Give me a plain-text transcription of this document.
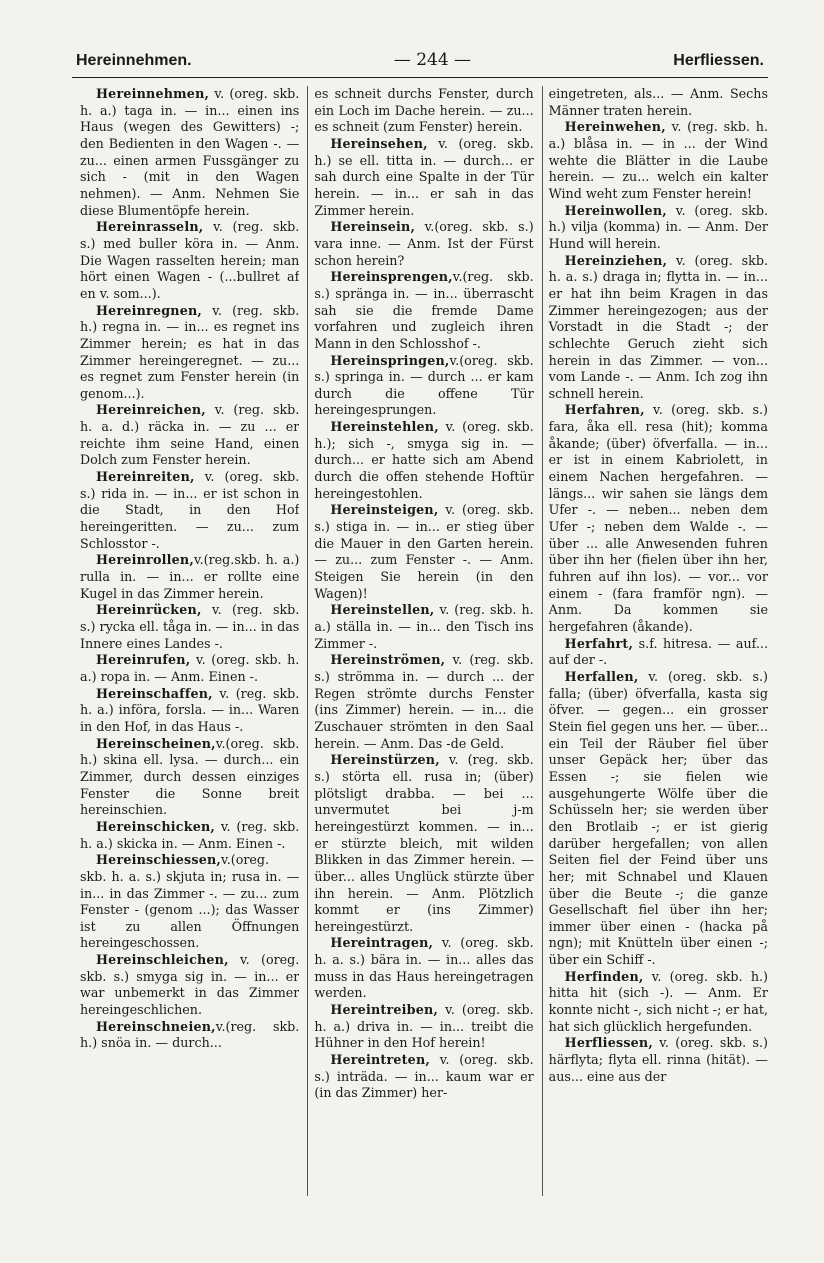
Hereinnehmen.	— 244 —	Herfliessen.

Hereinnehmen, v. (oreg. skb. h. a.) taga in. — in... einen ins Haus (wegen des Gewitters) -; den Bedienten in den Wagen -. — zu... einen armen Fussgänger zu sich - (mit in den Wagen nehmen). — Anm. Nehmen Sie diese Blumentöpfe herein.

Hereinrasseln, v. (reg. skb. s.) med buller köra in. — Anm. Die Wagen rasselten herein; man hört einen Wagen - (...bullret af en v. som...).

Hereinregnen, v. (reg. skb. h.) regna in. — in... es regnet ins Zimmer herein; es hat in das Zimmer hereingeregnet. — zu... es regnet zum Fenster herein (in genom...).

Hereinreichen, v. (reg. skb. h. a. d.) räcka in. — zu ... er reichte ihm seine Hand, einen Dolch zum Fenster herein.

Hereinreiten, v. (oreg. skb. s.) rida in. — in... er ist schon in die Stadt, in den Hof hereingeritten. — zu... zum Schlosstor -.

Hereinrollen,v.(reg.skb. h. a.) rulla in. — in... er rollte eine Kugel in das Zimmer herein.

Hereinrücken, v. (reg. skb. s.) rycka ell. tåga in. — in... in das Innere eines Landes -.

Hereinrufen, v. (oreg. skb. h. a.) ropa in. — Anm. Einen -.

Hereinschaffen, v. (reg. skb. h. a.) införa, forsla. — in... Waren in den Hof, in das Haus -.

Hereinscheinen,v.(oreg. skb. h.) skina ell. lysa. — durch... ein Zimmer, durch dessen einziges Fenster die Sonne breit hereinschien.

Hereinschicken, v. (reg. skb. h. a.) skicka in. — Anm. Einen -.

Hereinschiessen,v.(oreg. skb. h. a. s.) skjuta in; rusa in. — in... in das Zimmer -. — zu... zum Fenster - (genom ...); das Wasser ist zu allen Öffnungen hereingeschossen.

Hereinschleichen, v. (oreg. skb. s.) smyga sig in. — in... er war unbemerkt in das Zimmer hereingeschlichen.

Hereinschneien,v.(reg. skb. h.) snöa in. — durch...

es schneit durchs Fenster, durch ein Loch im Dache herein. — zu... es schneit (zum Fenster) herein.

Hereinsehen, v. (oreg. skb. h.) se ell. titta in. — durch... er sah durch eine Spalte in der Tür herein. — in... er sah in das Zimmer herein.

Hereinsein, v.(oreg. skb. s.) vara inne. — Anm. Ist der Fürst schon herein?

Hereinsprengen,v.(reg. skb. s.) spränga in. — in... überrascht sah sie die fremde Dame vorfahren und zugleich ihren Mann in den Schlosshof -.

Hereinspringen,v.(oreg. skb. s.) springa in. — durch ... er kam durch die offene Tür hereingesprungen.

Hereinstehlen, v. (oreg. skb. h.); sich -, smyga sig in. — durch... er hatte sich am Abend durch die offen stehende Hoftür hereingestohlen.

Hereinsteigen, v. (oreg. skb. s.) stiga in. — in... er stieg über die Mauer in den Garten herein. — zu... zum Fenster -. — Anm. Steigen Sie herein (in den Wagen)!

Hereinstellen, v. (reg. skb. h. a.) ställa in. — in... den Tisch ins Zimmer -.

Hereinströmen, v. (reg. skb. s.) strömma in. — durch ... der Regen strömte durchs Fenster (ins Zimmer) herein. — in... die Zuschauer strömten in den Saal herein. — Anm. Das -de Geld.

Hereinstürzen, v. (reg. skb. s.) störta ell. rusa in; (über) plötsligt drabba. — bei ... unvermutet bei j-m hereingestürzt kommen. — in... er stürzte bleich, mit wilden Blikken in das Zimmer herein. — über... alles Unglück stürzte über ihn herein. — Anm. Plötzlich kommt er (ins Zimmer) hereingestürzt.

Hereintragen, v. (oreg. skb. h. a. s.) bära in. — in... alles das muss in das Haus hereingetragen werden.

Hereintreiben, v. (oreg. skb. h. a.) driva in. — in... treibt die Hühner in den Hof herein!

Hereintreten, v. (oreg. skb. s.) inträda. — in... kaum war er (in das Zimmer) her-

eingetreten, als... — Anm. Sechs Männer traten herein.

Hereinwehen, v. (reg. skb. h. a.) blåsa in. — in ... der Wind wehte die Blätter in die Laube herein. — zu... welch ein kalter Wind weht zum Fenster herein!

Hereinwollen, v. (oreg. skb. h.) vilja (komma) in. — Anm. Der Hund will herein.

Hereinziehen, v. (oreg. skb. h. a. s.) draga in; flytta in. — in... er hat ihn beim Kragen in das Zimmer hereingezogen; aus der Vorstadt in die Stadt -; der schlechte Geruch zieht sich herein in das Zimmer. — von... vom Lande -. — Anm. Ich zog ihn schnell herein.

Herfahren, v. (oreg. skb. s.) fara, åka ell. resa (hit); komma åkande; (über) öfverfalla. — in... er ist in einem Kabriolett, in einem Nachen hergefahren. — längs... wir sahen sie längs dem Ufer -. — neben... neben dem Ufer -; neben dem Walde -. — über ... alle Anwesenden fuhren über ihn her (fielen über ihn her, fuhren auf ihn los). — vor... vor einem - (fara framför ngn). — Anm. Da kommen sie hergefahren (åkande).

Herfahrt, s.f. hitresa. — auf... auf der -.

Herfallen, v. (oreg. skb. s.) falla; (über) öfverfalla, kasta sig öfver. — gegen... ein grosser Stein fiel gegen uns her. — über... ein Teil der Räuber fiel über unser Gepäck her; über das Essen -; sie fielen wie ausgehungerte Wölfe über die Schüsseln her; sie werden über den Brotlaib -; er ist gierig darüber hergefallen; von allen Seiten fiel der Feind über uns her; mit Schnabel und Klauen über die Beute -; die ganze Gesellschaft fiel über ihn her; immer über einen - (hacka på ngn); mit Knütteln über einen -; über ein Schiff -.

Herfinden, v. (oreg. skb. h.) hitta hit (sich -). — Anm. Er konnte nicht -, sich nicht -; er hat, hat sich glücklich hergefunden.

Herfliessen, v. (oreg. skb. s.) härflyta; flyta ell. rinna (hität). — aus... eine aus der
